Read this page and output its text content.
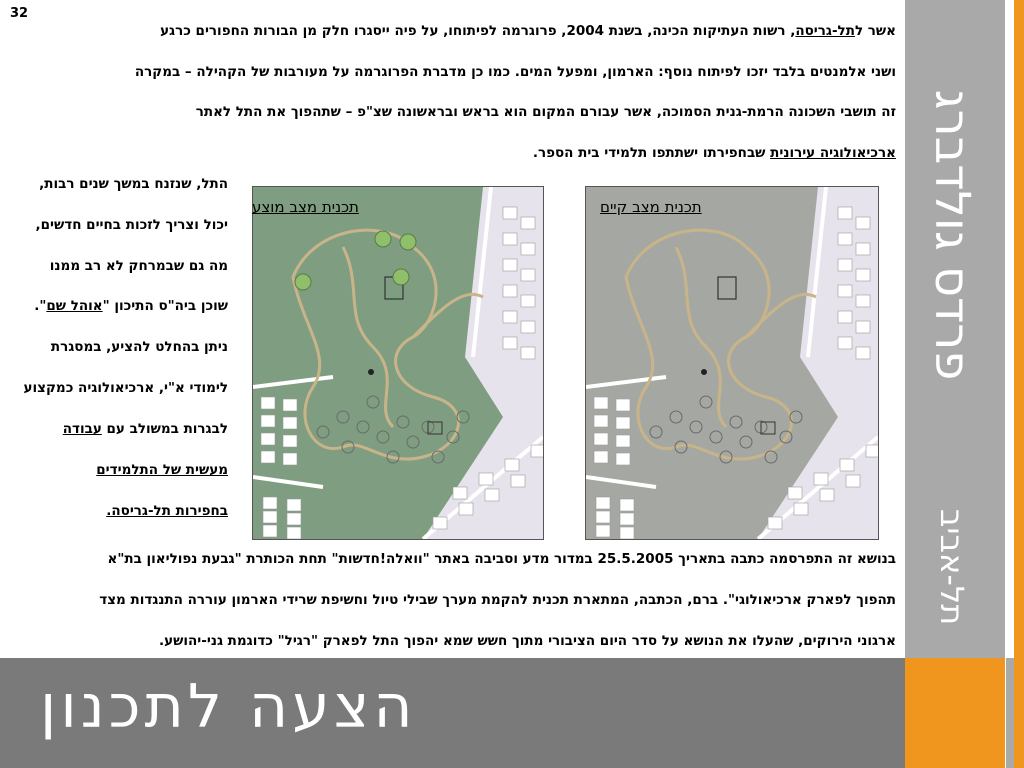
32
אשר לתל-גריסה, רשות העתיקות הכינה, בשנת 2004, פרוגרמה לפיתוחו, על פיה ייסגרו חלק מן הבורות החפורים כרגע
ושני אלמנטים בלבד יזכו לפיתוח נוסף: הארמון, ומפעל המים. כמו כן מדברת הפרוגרמה על מעורבות של הקהילה – במקרה
זה תושבי השכונה הרמת-גנית הסמוכה, אשר עבורם המקום הוא בראש ובראשונה שצ"פ – שתהפוך את התל לאתר
ארכיאולוגיה עירונית שבחפירתו ישתתפו תלמידי בית הספר.
התל, שנזנח במשך שנים רבות,
יכול וצריך לזכות בחיים חדשים,
מה גם שבמרחק לא רב ממנו
שוכן ביה"ס התיכון "אוהל שם".
ניתן בהחלט להציע, במסגרת
לימודי א"י, ארכיאולוגיה כמקצוע
לבגרות במשולב עם עבודה
מעשית של התלמידים
בחפירות תל-גריסה.
תכנית מצב מוצע	תכנית מצב קיים
בנושא זה התפרסמה כתבה בתאריך 25.5.2005 במדור מדע וסביבה באתר "וואלה!חדשות" תחת הכותרת "גבעת נפוליאון בת"א
תהפוך לפארק ארכיאולוגי". ברם, הכתבה, המתארת תכנית להקמת מערך שבילי טיול וחשיפת שרידי הארמון עוררה התנגדות מצד
ארגוני הירוקים, שהעלו את הנושא על סדר היום הציבורי מתוך חשש שמא יהפוך התל לפארק "רגיל" כדוגמת גני-יהושע.
הצעה לתכנון
פרדס גולדברג
תל-אביב
